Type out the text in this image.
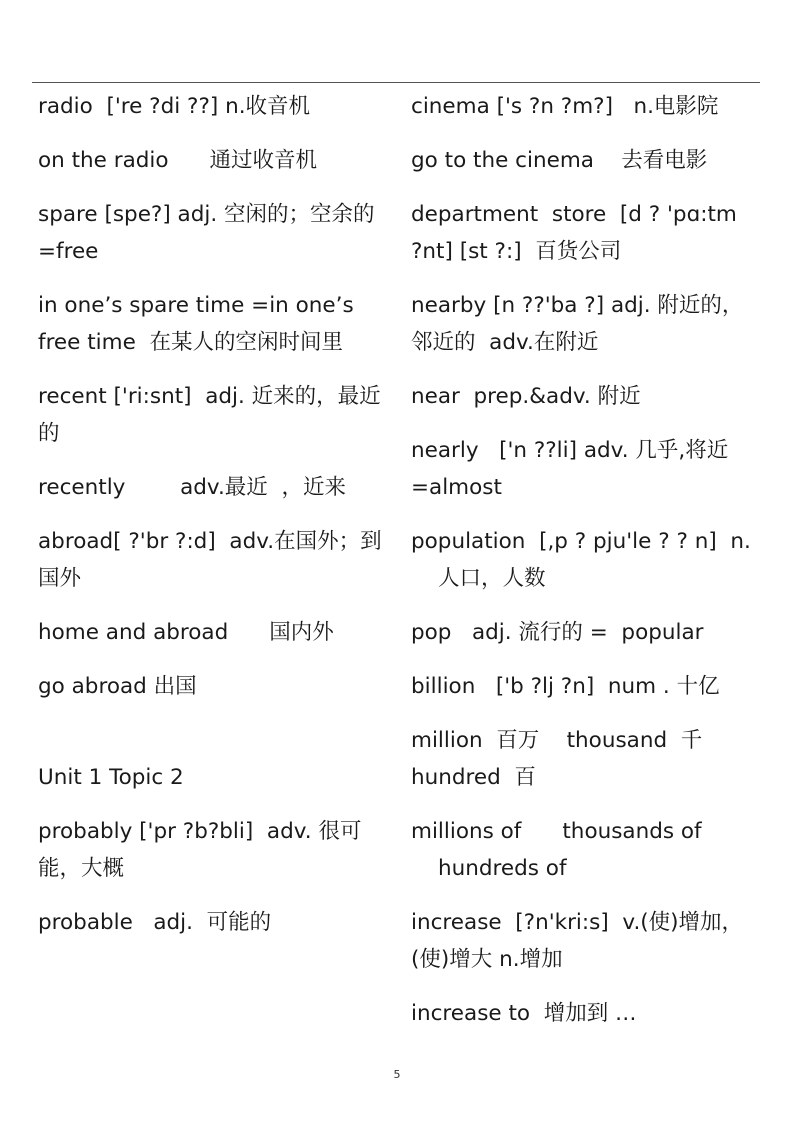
radio  ['re ?di ??] n.收音机
on the radio      通过收音机
spare [spe?] adj. 空闲的；空余的  =free
in one’s spare time =in one’s free time  在某人的空闲时间里
recent ['ri:snt]  adj. 近来的，最近的
recently        adv.最近  ，近来
abroad[ ?'br ?:d]  adv.在国外；到国外
home and abroad      国内外
go abroad 出国
Unit 1 Topic 2
probably ['pr ?b?bli]  adv. 很可能，大概
probable   adj.  可能的
cinema ['s ?n ?m?]   n.电影院
go to the cinema    去看电影
department  store  [d ? 'pɑ:tm ?nt] [st ?:]  百货公司
nearby [n ??'ba ?] adj. 附近的，邻近的  adv.在附近
near  prep.&adv. 附近
nearly   ['n ??li] adv. 几乎,将近=almost
population  [,p ? pju'le ? ? n]  n.人口，人数
pop   adj. 流行的 =  popular
billion   ['b ?lj ?n]  num . 十亿
million  百万    thousand  千  hundred  百
millions of      thousands of  hundreds of
increase  [?n'kri:s]  v.(使)增加，(使)增大 n.增加
increase to  增加到 …
5
